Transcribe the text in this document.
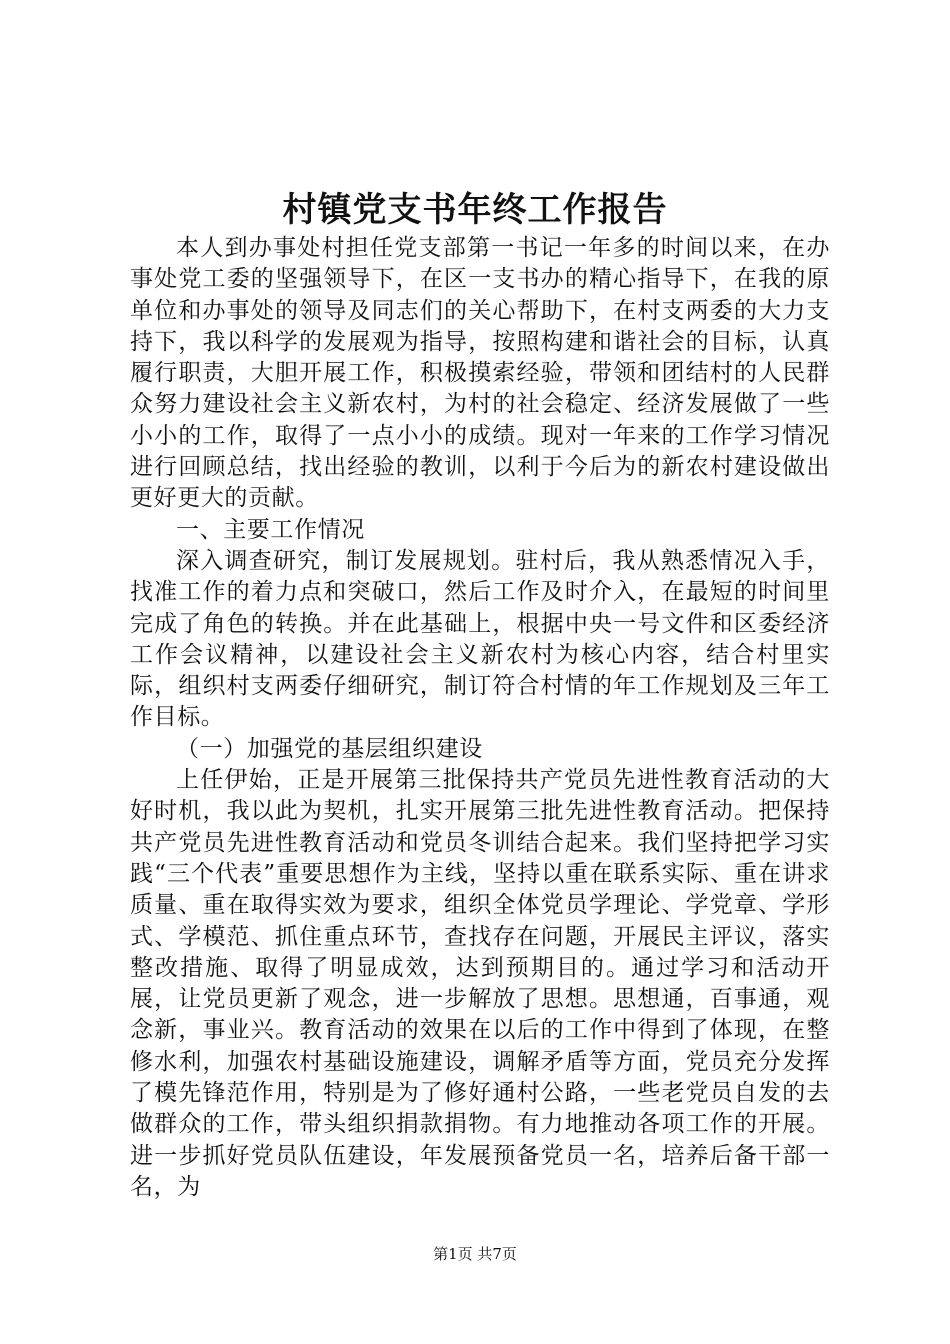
村镇党支书年终工作报告

本人到办事处村担任党支部第一书记一年多的时间以来，在办事处党工委的坚强领导下，在区一支书办的精心指导下，在我的原单位和办事处的领导及同志们的关心帮助下，在村支两委的大力支持下，我以科学的发展观为指导，按照构建和谐社会的目标，认真履行职责，大胆开展工作，积极摸索经验，带领和团结村的人民群众努力建设社会主义新农村，为村的社会稳定、经济发展做了一些小小的工作，取得了一点小小的成绩。现对一年来的工作学习情况进行回顾总结，找出经验的教训，以利于今后为的新农村建设做出更好更大的贡献。

一、主要工作情况

深入调查研究，制订发展规划。驻村后，我从熟悉情况入手，找准工作的着力点和突破口，然后工作及时介入，在最短的时间里完成了角色的转换。并在此基础上，根据中央一号文件和区委经济工作会议精神，以建设社会主义新农村为核心内容，结合村里实际，组织村支两委仔细研究，制订符合村情的年工作规划及三年工作目标。

（一）加强党的基层组织建设

上任伊始，正是开展第三批保持共产党员先进性教育活动的大好时机，我以此为契机，扎实开展第三批先进性教育活动。把保持共产党员先进性教育活动和党员冬训结合起来。我们坚持把学习实践“三个代表”重要思想作为主线，坚持以重在联系实际、重在讲求质量、重在取得实效为要求，组织全体党员学理论、学党章、学形式、学模范、抓住重点环节，查找存在问题，开展民主评议，落实整改措施、取得了明显成效，达到预期目的。通过学习和活动开展，让党员更新了观念，进一步解放了思想。思想通，百事通，观念新，事业兴。教育活动的效果在以后的工作中得到了体现，在整修水利，加强农村基础设施建设，调解矛盾等方面，党员充分发挥了模先锋范作用，特别是为了修好通村公路，一些老党员自发的去做群众的工作，带头组织捐款捐物。有力地推动各项工作的开展。进一步抓好党员队伍建设，年发展预备党员一名，培养后备干部一名，为

第1页 共7页
